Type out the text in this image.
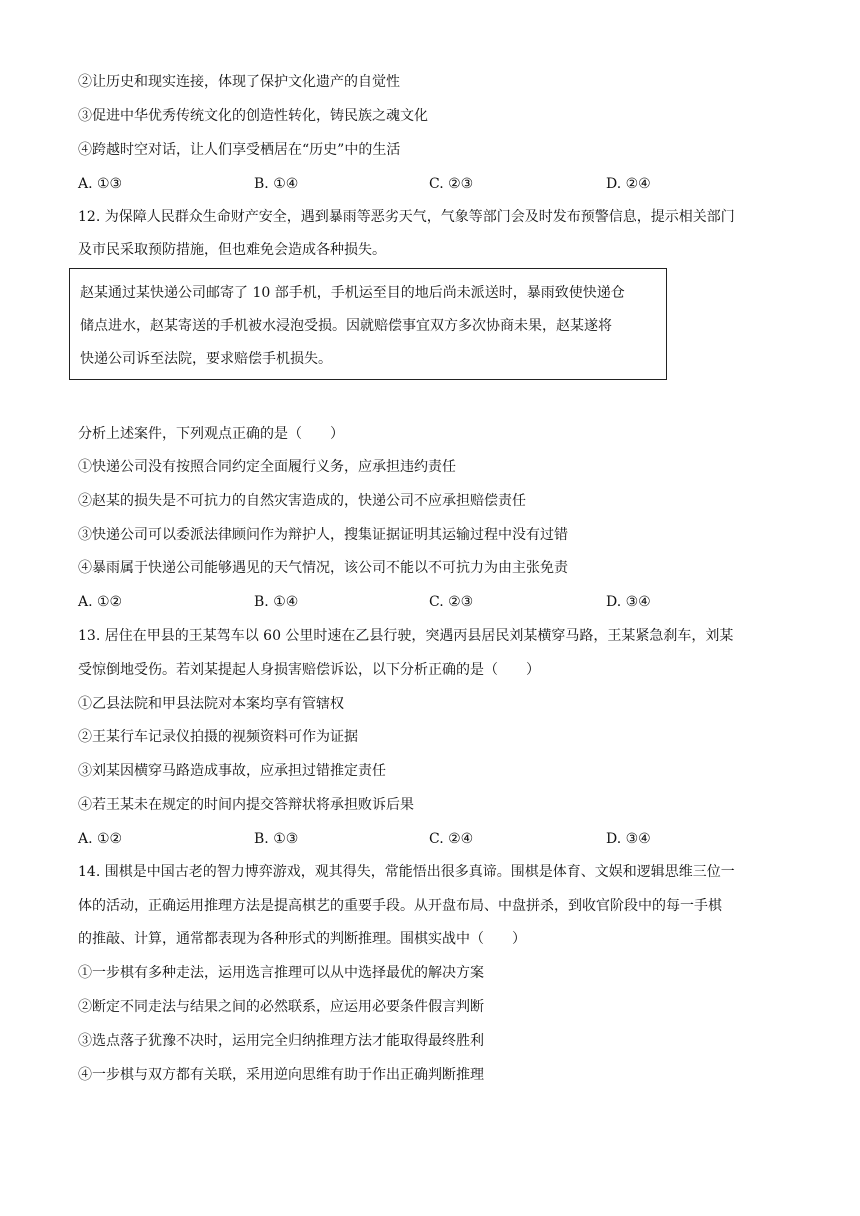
②让历史和现实连接，体现了保护文化遗产的自觉性
③促进中华优秀传统文化的创造性转化，铸民族之魂文化
④跨越时空对话，让人们享受栖居在“历史”中的生活
A. ①③	B. ①④	C. ②③	D. ②④
12. 为保障人民群众生命财产安全，遇到暴雨等恶劣天气，气象等部门会及时发布预警信息，提示相关部门
及市民采取预防措施，但也难免会造成各种损失。
赵某通过某快递公司邮寄了 10 部手机，手机运至目的地后尚未派送时，暴雨致使快递仓
储点进水，赵某寄送的手机被水浸泡受损。因就赔偿事宜双方多次协商未果，赵某遂将
快递公司诉至法院，要求赔偿手机损失。
分析上述案件，下列观点正确的是（　　）
①快递公司没有按照合同约定全面履行义务，应承担违约责任
②赵某的损失是不可抗力的自然灾害造成的，快递公司不应承担赔偿责任
③快递公司可以委派法律顾问作为辩护人，搜集证据证明其运输过程中没有过错
④暴雨属于快递公司能够遇见的天气情况，该公司不能以不可抗力为由主张免责
A. ①②	B. ①④	C. ②③	D. ③④
13. 居住在甲县的王某驾车以 60 公里时速在乙县行驶，突遇丙县居民刘某横穿马路，王某紧急刹车，刘某
受惊倒地受伤。若刘某提起人身损害赔偿诉讼，以下分析正确的是（　　）
①乙县法院和甲县法院对本案均享有管辖权
②王某行车记录仪拍摄的视频资料可作为证据
③刘某因横穿马路造成事故，应承担过错推定责任
④若王某未在规定的时间内提交答辩状将承担败诉后果
A. ①②	B. ①③	C. ②④	D. ③④
14. 围棋是中国古老的智力博弈游戏，观其得失，常能悟出很多真谛。围棋是体育、文娱和逻辑思维三位一
体的活动，正确运用推理方法是提高棋艺的重要手段。从开盘布局、中盘拼杀，到收官阶段中的每一手棋
的推敲、计算，通常都表现为各种形式的判断推理。围棋实战中（　　）
①一步棋有多种走法，运用选言推理可以从中选择最优的解决方案
②断定不同走法与结果之间的必然联系，应运用必要条件假言判断
③选点落子犹豫不决时，运用完全归纳推理方法才能取得最终胜利
④一步棋与双方都有关联，采用逆向思维有助于作出正确判断推理
